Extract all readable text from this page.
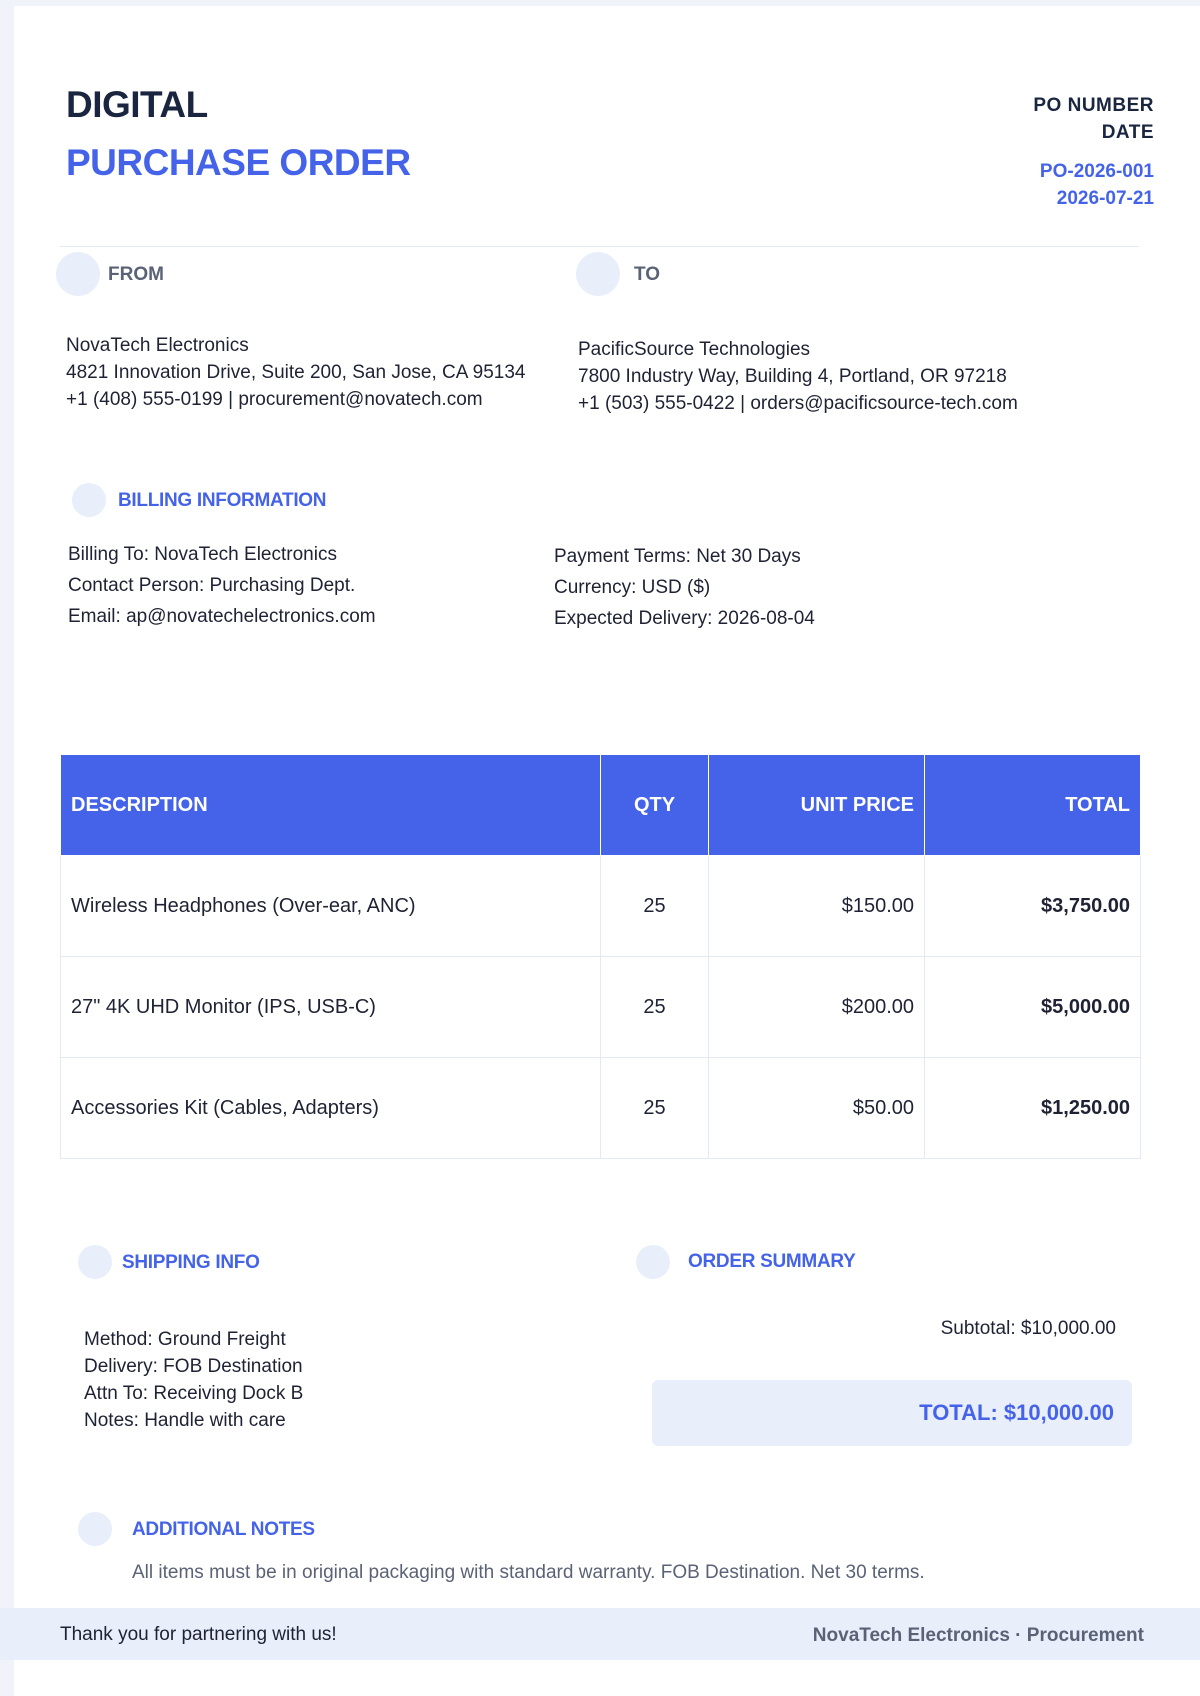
DIGITAL
PURCHASE ORDER
PO NUMBER
DATE
PO-2026-001
2026-07-21
FROM
NovaTech Electronics
4821 Innovation Drive, Suite 200, San Jose, CA 95134
+1 (408) 555-0199 | procurement@novatech.com
TO
PacificSource Technologies
7800 Industry Way, Building 4, Portland, OR 97218
+1 (503) 555-0422 | orders@pacificsource-tech.com
BILLING INFORMATION
Billing To: NovaTech Electronics
Contact Person: Purchasing Dept.
Email: ap@novatechelectronics.com
Payment Terms: Net 30 Days
Currency: USD ($)
Expected Delivery: 2026-08-04
DESCRIPTION	QTY	UNIT PRICE	TOTAL
Wireless Headphones (Over-ear, ANC)	25	$150.00	$3,750.00
27" 4K UHD Monitor (IPS, USB-C)	25	$200.00	$5,000.00
Accessories Kit (Cables, Adapters)	25	$50.00	$1,250.00
SHIPPING INFO
Method: Ground Freight
Delivery: FOB Destination
Attn To: Receiving Dock B
Notes: Handle with care
ORDER SUMMARY
Subtotal: $10,000.00
TOTAL: $10,000.00
ADDITIONAL NOTES
All items must be in original packaging with standard warranty. FOB Destination. Net 30 terms.
Thank you for partnering with us!	NovaTech Electronics · Procurement
